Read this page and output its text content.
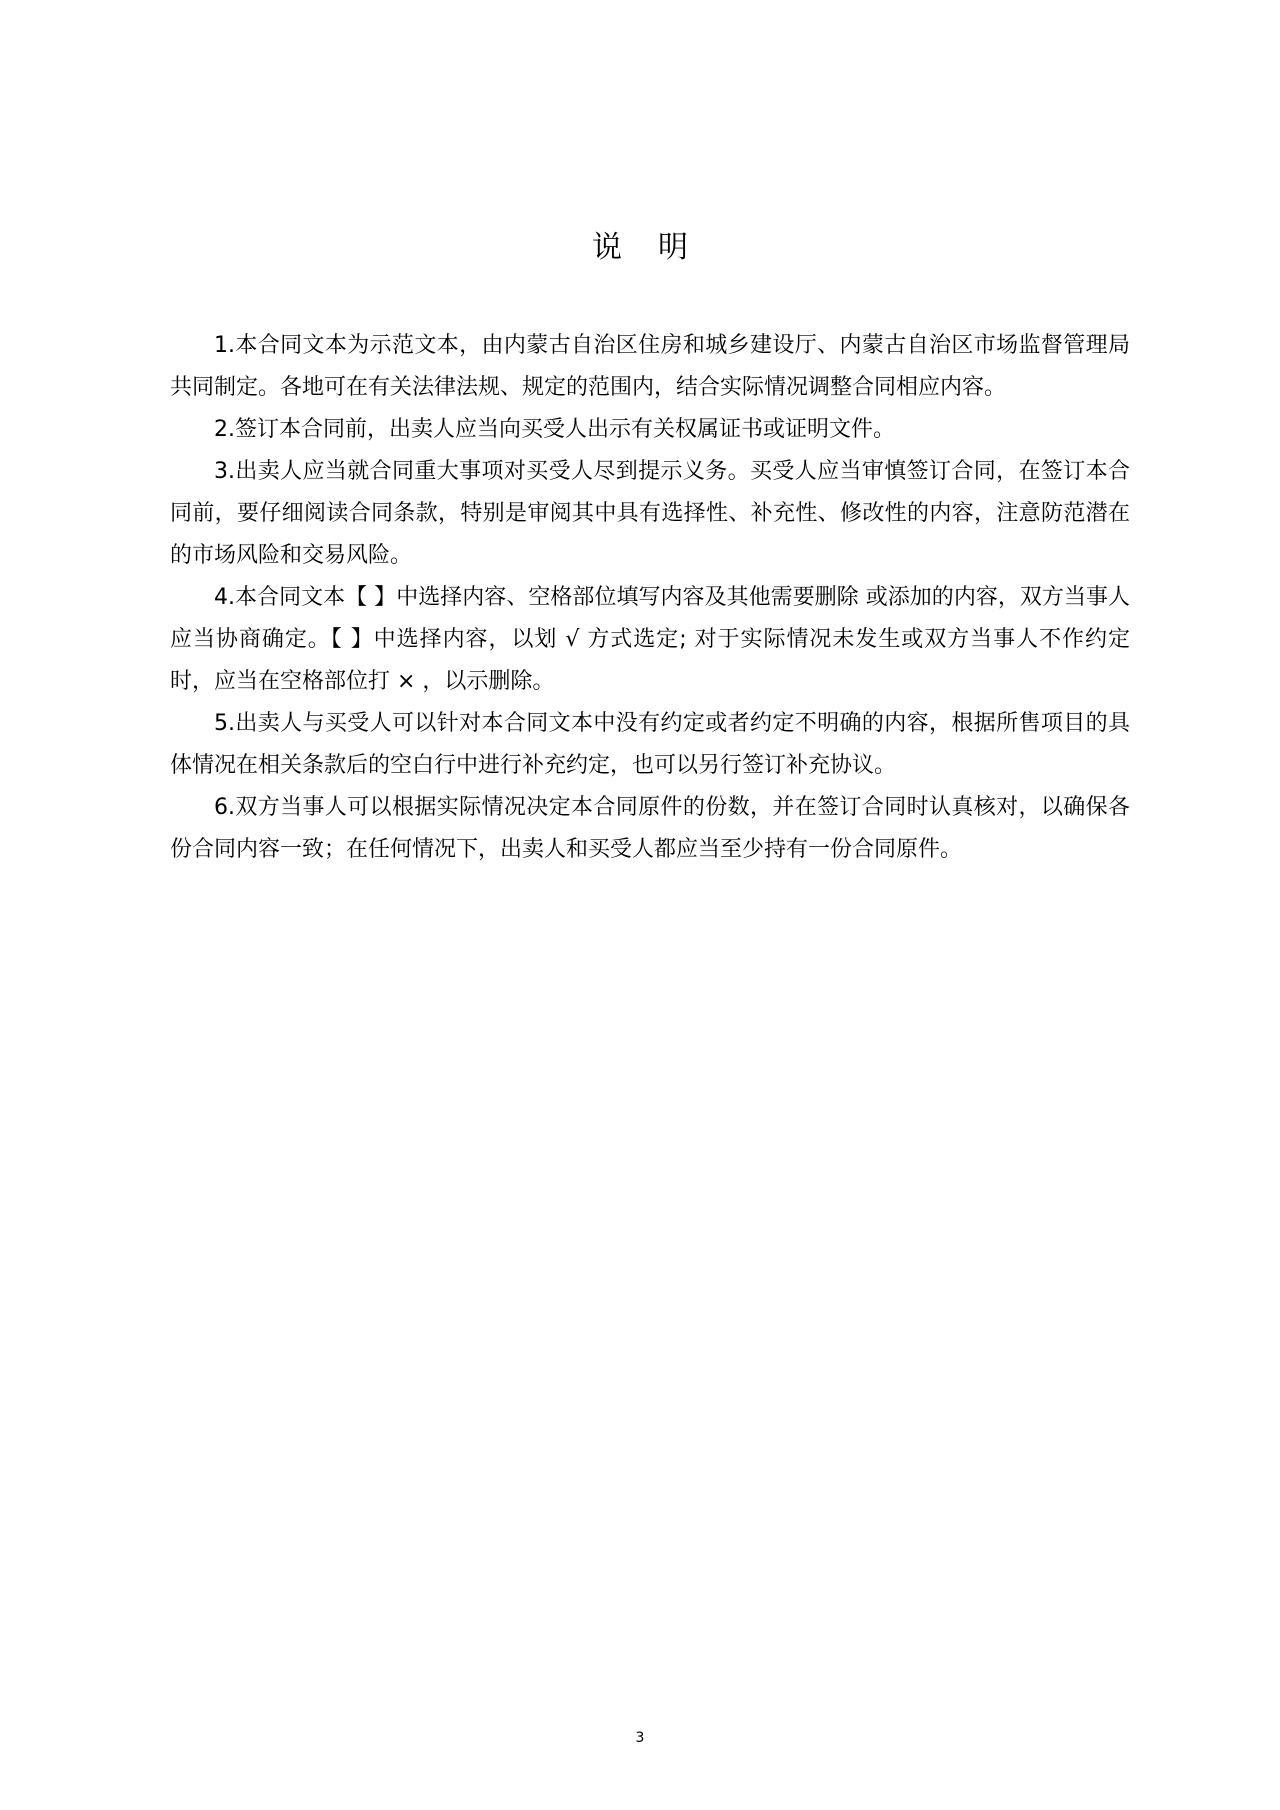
说明

1.本合同文本为示范文本，由内蒙古自治区住房和城乡建设厅、内蒙古自治区市场监督管理局共同制定。各地可在有关法律法规、规定的范围内，结合实际情况调整合同相应内容。

2.签订本合同前，出卖人应当向买受人出示有关权属证书或证明文件。

3.出卖人应当就合同重大事项对买受人尽到提示义务。买受人应当审慎签订合同，在签订本合同前，要仔细阅读合同条款，特别是审阅其中具有选择性、补充性、修改性的内容，注意防范潜在的市场风险和交易风险。

4.本合同文本【 】中选择内容、空格部位填写内容及其他需要删除 或添加的内容，双方当事人应当协商确定。【 】中选择内容，以划 √ 方式选定; 对于实际情况未发生或双方当事人不作约定时，应当在空格部位打 × ，以示删除。

5.出卖人与买受人可以针对本合同文本中没有约定或者约定不明确的内容，根据所售项目的具体情况在相关条款后的空白行中进行补充约定，也可以另行签订补充协议。

6.双方当事人可以根据实际情况决定本合同原件的份数，并在签订合同时认真核对，以确保各份合同内容一致；在任何情况下，出卖人和买受人都应当至少持有一份合同原件。

3
